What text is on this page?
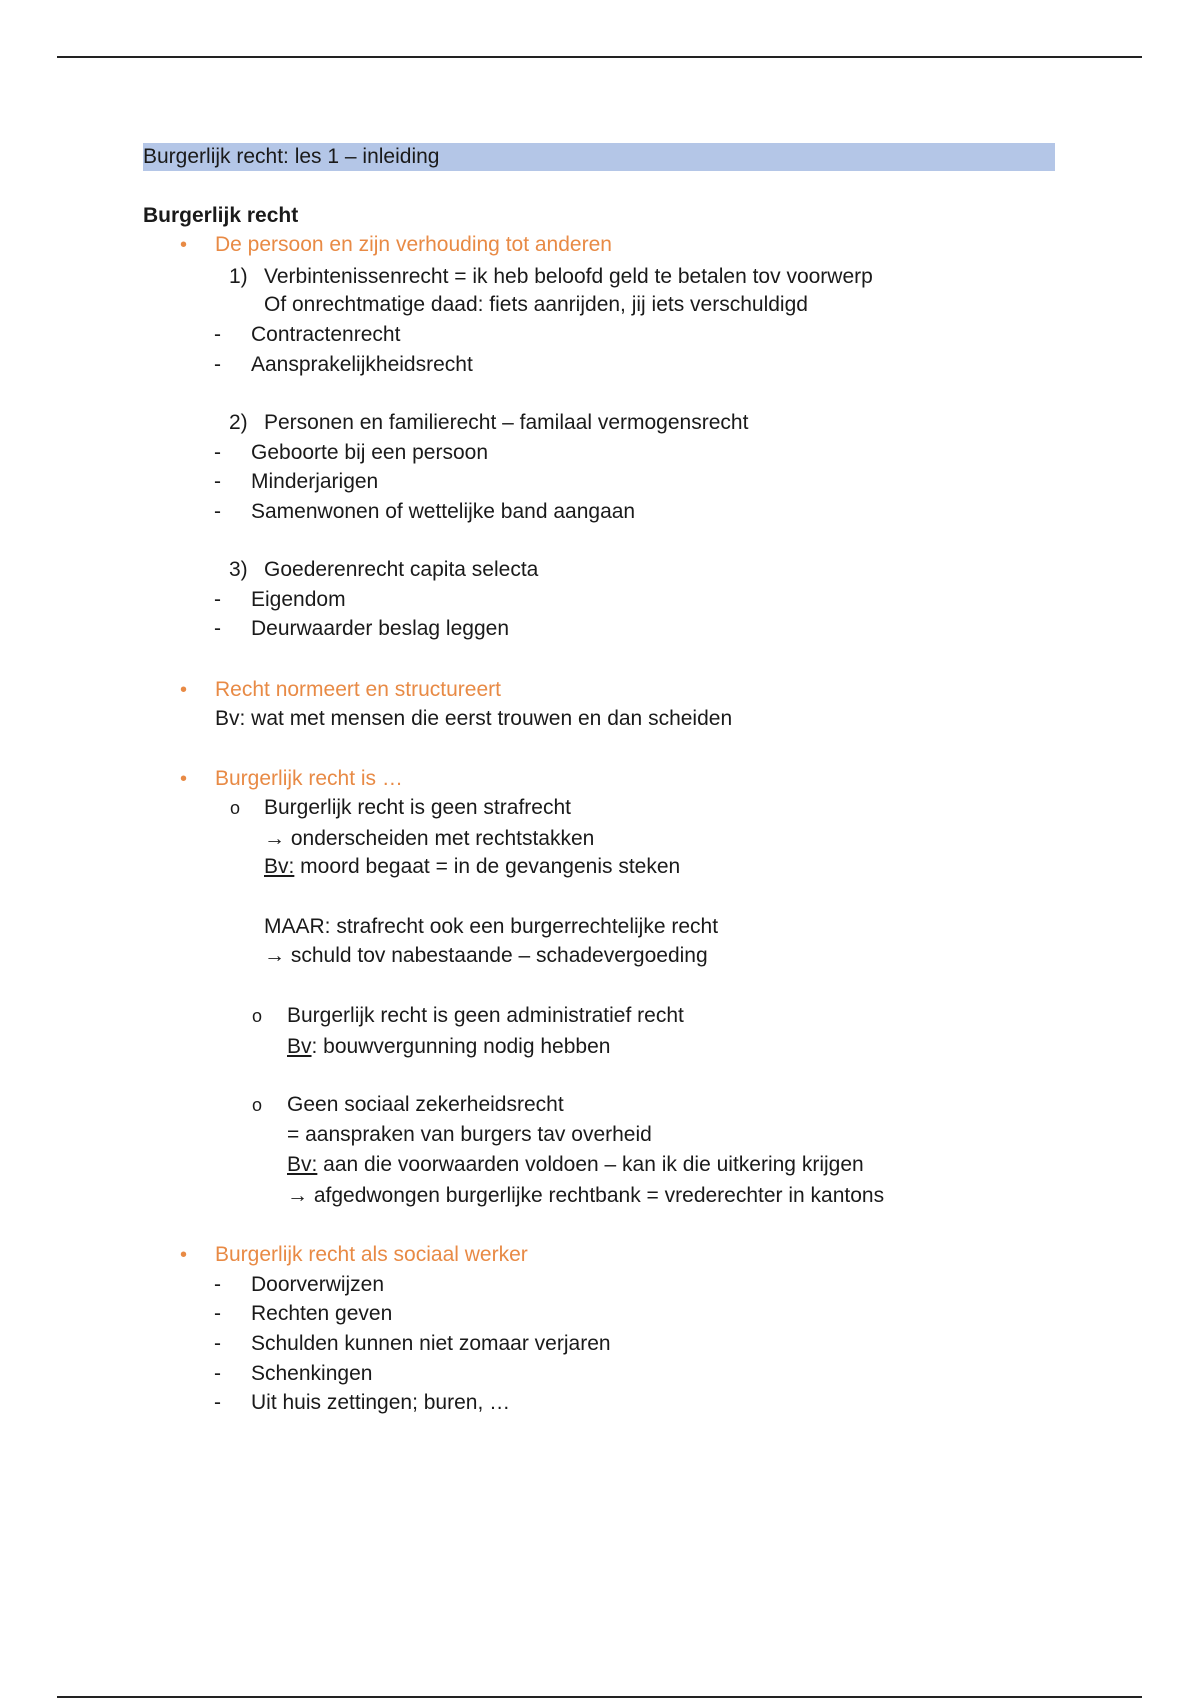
Burgerlijk recht: les 1 – inleiding
Burgerlijk recht
• De persoon en zijn verhouding tot anderen
1) Verbintenissenrecht = ik heb beloofd geld te betalen tov voorwerp
Of onrechtmatige daad: fiets aanrijden, jij iets verschuldigd
- Contractenrecht
- Aansprakelijkheidsrecht
2) Personen en familierecht – familaal vermogensrecht
- Geboorte bij een persoon
- Minderjarigen
- Samenwonen of wettelijke band aangaan
3) Goederenrecht capita selecta
- Eigendom
- Deurwaarder beslag leggen
• Recht normeert en structureert
Bv: wat met mensen die eerst trouwen en dan scheiden
• Burgerlijk recht is …
o Burgerlijk recht is geen strafrecht
→ onderscheiden met rechtstakken
Bv: moord begaat = in de gevangenis steken
MAAR: strafrecht ook een burgerrechtelijke recht
→ schuld tov nabestaande – schadevergoeding
o Burgerlijk recht is geen administratief recht
Bv: bouwvergunning nodig hebben
o Geen sociaal zekerheidsrecht
= aanspraken van burgers tav overheid
Bv: aan die voorwaarden voldoen – kan ik die uitkering krijgen
→ afgedwongen burgerlijke rechtbank = vrederechter in kantons
• Burgerlijk recht als sociaal werker
- Doorverwijzen
- Rechten geven
- Schulden kunnen niet zomaar verjaren
- Schenkingen
- Uit huis zettingen; buren, …
